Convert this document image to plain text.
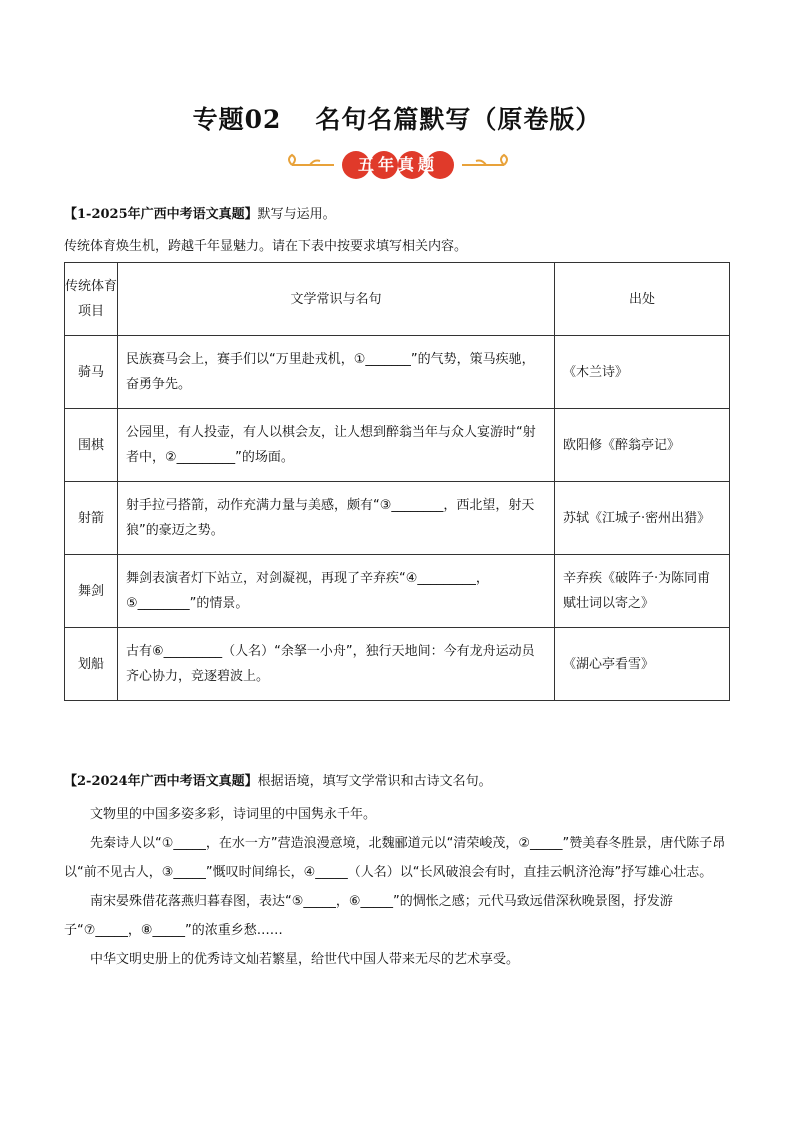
专题02 名句名篇默写（原卷版）
五年真题
【1-2025年广西中考语文真题】默写与运用。
传统体育焕生机，跨越千年显魅力。请在下表中按要求填写相关内容。
传统体育项目	文学常识与名句	出处
骑马	民族赛马会上，赛手们以“万里赴戎机，①_______”的气势，策马疾驰，奋勇争先。	《木兰诗》
围棋	公园里，有人投壶，有人以棋会友，让人想到醉翁当年与众人宴游时“射者中，②_________”的场面。	欧阳修《醉翁亭记》
射箭	射手拉弓搭箭，动作充满力量与美感，颇有“③________，西北望，射天狼”的豪迈之势。	苏轼《江城子·密州出猎》
舞剑	舞剑表演者灯下站立，对剑凝视，再现了辛弃疾“④_________，⑤________”的情景。	辛弃疾《破阵子·为陈同甫赋壮词以寄之》
划船	古有⑥_________（人名）“余拏一小舟”，独行天地间：今有龙舟运动员齐心协力，竞逐碧波上。	《湖心亭看雪》
【2-2024年广西中考语文真题】根据语境，填写文学常识和古诗文名句。

文物里的中国多姿多彩，诗词里的中国隽永千年。

先秦诗人以“①_____，在水一方”营造浪漫意境，北魏郦道元以“清荣峻茂，②_____”赞美春冬胜景，唐代陈子昂以“前不见古人，③_____”慨叹时间绵长，④_____（人名）以“长风破浪会有时，直挂云帆济沧海”抒写雄心壮志。

南宋晏殊借花落燕归暮春图，表达“⑤_____，⑥_____”的惆怅之感；元代马致远借深秋晚景图，抒发游子“⑦_____，⑧_____”的浓重乡愁……

中华文明史册上的优秀诗文灿若繁星，给世代中国人带来无尽的艺术享受。
